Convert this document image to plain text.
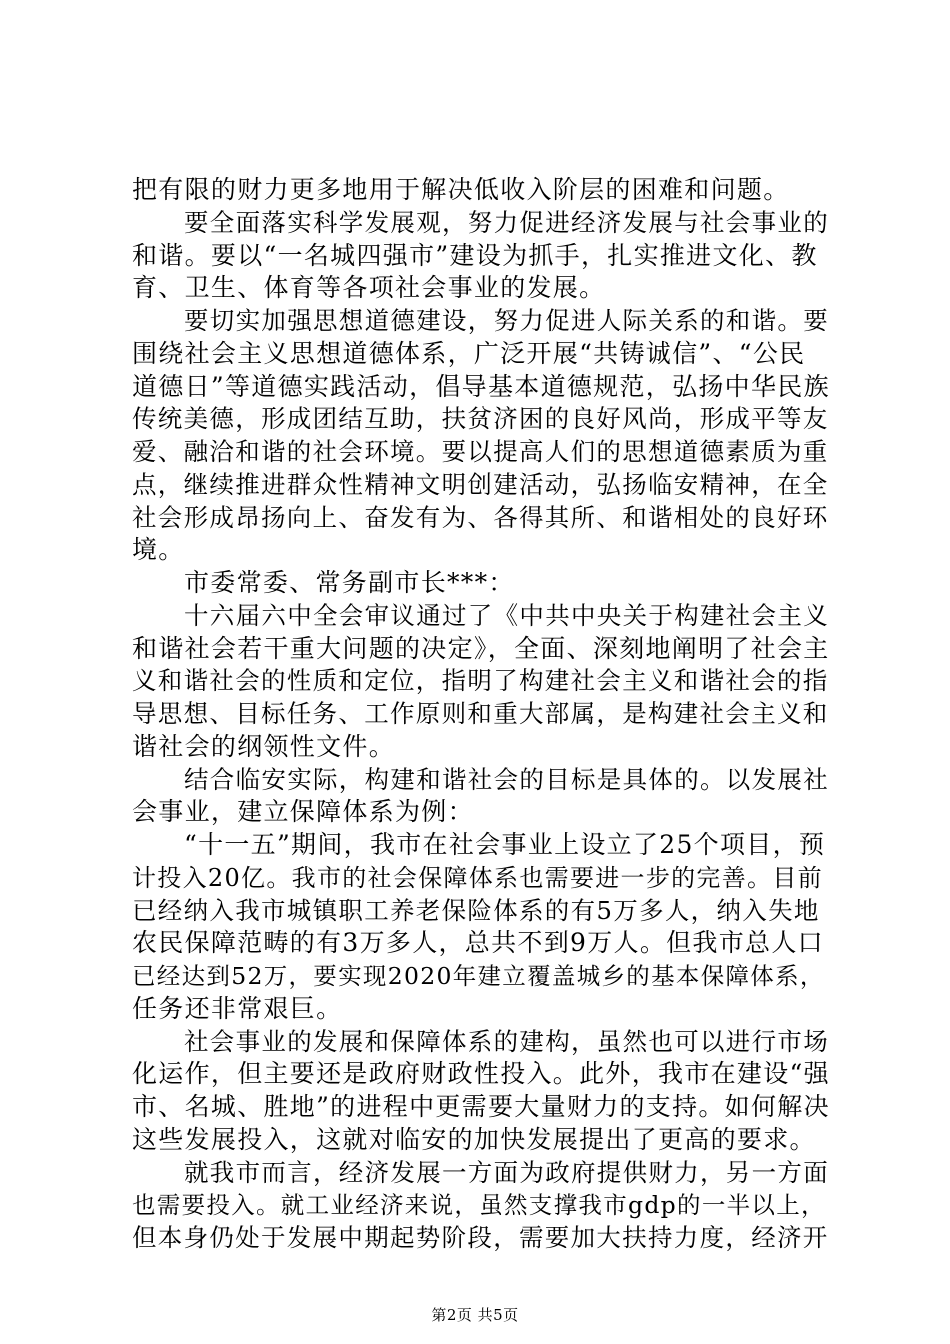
把有限的财力更多地用于解决低收入阶层的困难和问题。
要全面落实科学发展观，努力促进经济发展与社会事业的
和谐。要以“一名城四强市”建设为抓手，扎实推进文化、教
育、卫生、体育等各项社会事业的发展。
要切实加强思想道德建设，努力促进人际关系的和谐。要
围绕社会主义思想道德体系，广泛开展“共铸诚信”、“公民
道德日”等道德实践活动，倡导基本道德规范，弘扬中华民族
传统美德，形成团结互助，扶贫济困的良好风尚，形成平等友
爱、融洽和谐的社会环境。要以提高人们的思想道德素质为重
点，继续推进群众性精神文明创建活动，弘扬临安精神，在全
社会形成昂扬向上、奋发有为、各得其所、和谐相处的良好环
境。
市委常委、常务副市长***：
十六届六中全会审议通过了《中共中央关于构建社会主义
和谐社会若干重大问题的决定》，全面、深刻地阐明了社会主
义和谐社会的性质和定位，指明了构建社会主义和谐社会的指
导思想、目标任务、工作原则和重大部属，是构建社会主义和
谐社会的纲领性文件。
结合临安实际，构建和谐社会的目标是具体的。以发展社
会事业，建立保障体系为例：
“十一五”期间，我市在社会事业上设立了25个项目，预
计投入20亿。我市的社会保障体系也需要进一步的完善。目前
已经纳入我市城镇职工养老保险体系的有5万多人，纳入失地
农民保障范畴的有3万多人，总共不到9万人。但我市总人口
已经达到52万，要实现2020年建立覆盖城乡的基本保障体系，
任务还非常艰巨。
社会事业的发展和保障体系的建构，虽然也可以进行市场
化运作，但主要还是政府财政性投入。此外，我市在建设“强
市、名城、胜地”的进程中更需要大量财力的支持。如何解决
这些发展投入，这就对临安的加快发展提出了更高的要求。
就我市而言，经济发展一方面为政府提供财力，另一方面
也需要投入。就工业经济来说，虽然支撑我市gdp的一半以上，
但本身仍处于发展中期起势阶段，需要加大扶持力度，经济开
第2页 共5页
